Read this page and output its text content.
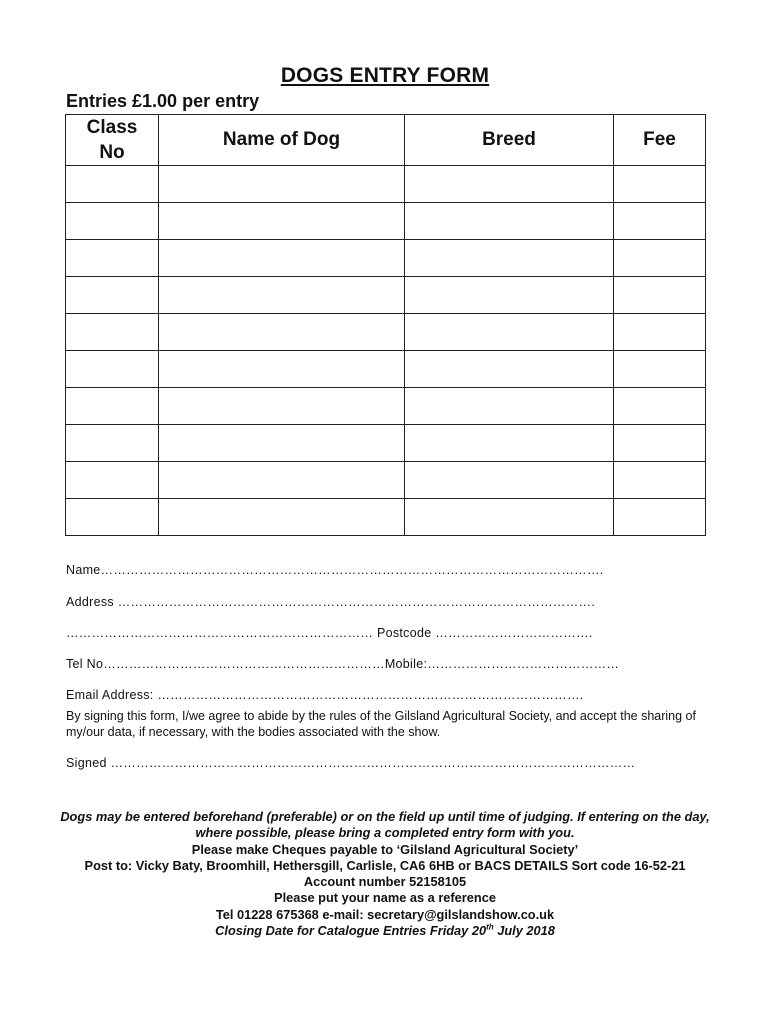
DOGS ENTRY FORM
Entries £1.00 per entry
Class
No	Name of Dog	Breed	Fee

Name……………………………………………………………………………………………………….
Address ………………………………………………………………………………………………….
……………………………………………………………… Postcode ……………………………….
Tel No…………………………………………………………Mobile:………………………………………
Email Address: ……………………………………………………………………………………….
By signing this form, I/we agree to abide by the rules of the Gilsland Agricultural Society, and accept the sharing of my/our data, if necessary, with the bodies associated with the show.
Signed ……………………………………………………………………………………………………………
Dogs may be entered beforehand (preferable) or on the field up until time of judging. If entering on the day, where possible, please bring a completed entry form with you.
Please make Cheques payable to ‘Gilsland Agricultural Society’
Post to: Vicky Baty, Broomhill, Hethersgill, Carlisle, CA6 6HB or BACS DETAILS Sort code 16-52-21 Account number 52158105
Please put your name as a reference
Tel 01228 675368 e-mail: secretary@gilslandshow.co.uk
Closing Date for Catalogue Entries Friday 20th July 2018
